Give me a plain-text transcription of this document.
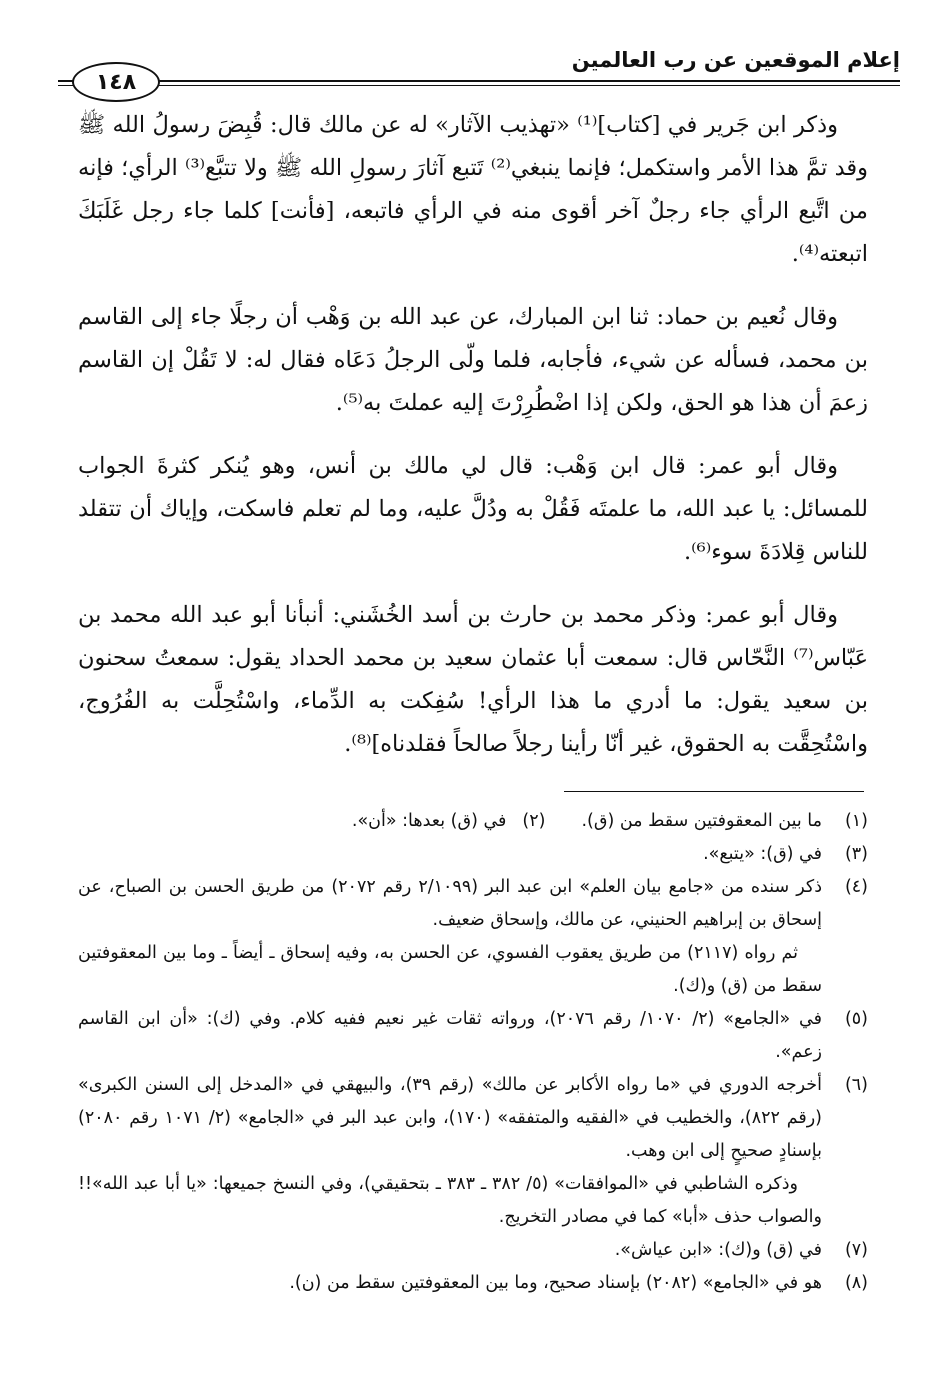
إعلام الموقعين عن رب العالمين
١٤٨

وذكر ابن جَرير في [كتاب]⁽¹⁾ «تهذيب الآثار» له عن مالك قال: قُبِضَ رسولُ الله ﷺ وقد تمَّ هذا الأمر واستكمل؛ فإنما ينبغي⁽²⁾ تَتبع آثارَ رسولِ الله ﷺ ولا تتبَّع⁽³⁾ الرأي؛ فإنه من اتَّبع الرأي جاء رجلٌ آخر أقوى منه في الرأي فاتبعه، [فأنت] كلما جاء رجل غَلَبَكَ اتبعته⁽⁴⁾.

وقال نُعيم بن حماد: ثنا ابن المبارك، عن عبد الله بن وَهْب أن رجلًا جاء إلى القاسم بن محمد، فسأله عن شيء، فأجابه، فلما ولّى الرجلُ دَعَاه فقال له: لا تَقُلْ إن القاسم زعمَ أن هذا هو الحق، ولكن إذا اضْطُرِرْتَ إليه عملتَ به⁽⁵⁾.

وقال أبو عمر: قال ابن وَهْب: قال لي مالك بن أنس، وهو يُنكر كثرةَ الجواب للمسائل: يا عبد الله، ما علمتَه فَقُلْ به ودُلَّ عليه، وما لم تعلم فاسكت، وإياك أن تتقلد للناس قِلادَةَ سوء⁽⁶⁾.

وقال أبو عمر: وذكر محمد بن حارث بن أسد الخُشَني: أنبأنا أبو عبد الله محمد بن عَبّاس⁽⁷⁾ النَّحّاس قال: سمعت أبا عثمان سعيد بن محمد الحداد يقول: سمعتُ سحنون بن سعيد يقول: ما أدري ما هذا الرأي! سُفِكت به الدِّماء، واسْتُحِلَّت به الفُرُوج، واسْتُحِقَّت به الحقوق، غير أنّا رأينا رجلاً صالحاً فقلدناه]⁽⁸⁾.

(١)
ما بين المعقوفتين سقط من (ق).(٢)في (ق) بعدها: «أن».
(٣)
في (ق): «يتبع».
(٤)

ذكر سنده من «جامع بيان العلم» ابن عبد البر (٢/١٠٩٩ رقم ٢٠٧٢) من طريق الحسن بن الصباح، عن إسحاق بن إبراهيم الحنيني، عن مالك، وإسحاق ضعيف.

ثم رواه (٢١١٧) من طريق يعقوب الفسوي، عن الحسن به، وفيه إسحاق ـ أيضاً ـ وما بين المعقوفتين سقط من (ق) و(ك).

(٥)
في «الجامع» (٢/ ١٠٧٠/ رقم ٢٠٧٦)، ورواته ثقات غير نعيم ففيه كلام. وفي (ك): «أن ابن القاسم زعم».
(٦)

أخرجه الدوري في «ما رواه الأكابر عن مالك» (رقم ٣٩)، والبيهقي في «المدخل إلى السنن الكبرى» (رقم ٨٢٢)، والخطيب في «الفقيه والمتفقه» (١٧٠)، وابن عبد البر في «الجامع» (٢/ ١٠٧١ رقم ٢٠٨٠) بإسنادٍ صحيحٍ إلى ابن وهب.

وذكره الشاطبي في «الموافقات» (٥/ ٣٨٢ ـ ٣٨٣ ـ بتحقيقي)، وفي النسخ جميعها: «يا أبا عبد الله»!! والصواب حذف «أبا» كما في مصادر التخريج.

(٧)
في (ق) و(ك): «ابن عياش».
(٨)
هو في «الجامع» (٢٠٨٢) بإسناد صحيح، وما بين المعقوفتين سقط من (ن).
